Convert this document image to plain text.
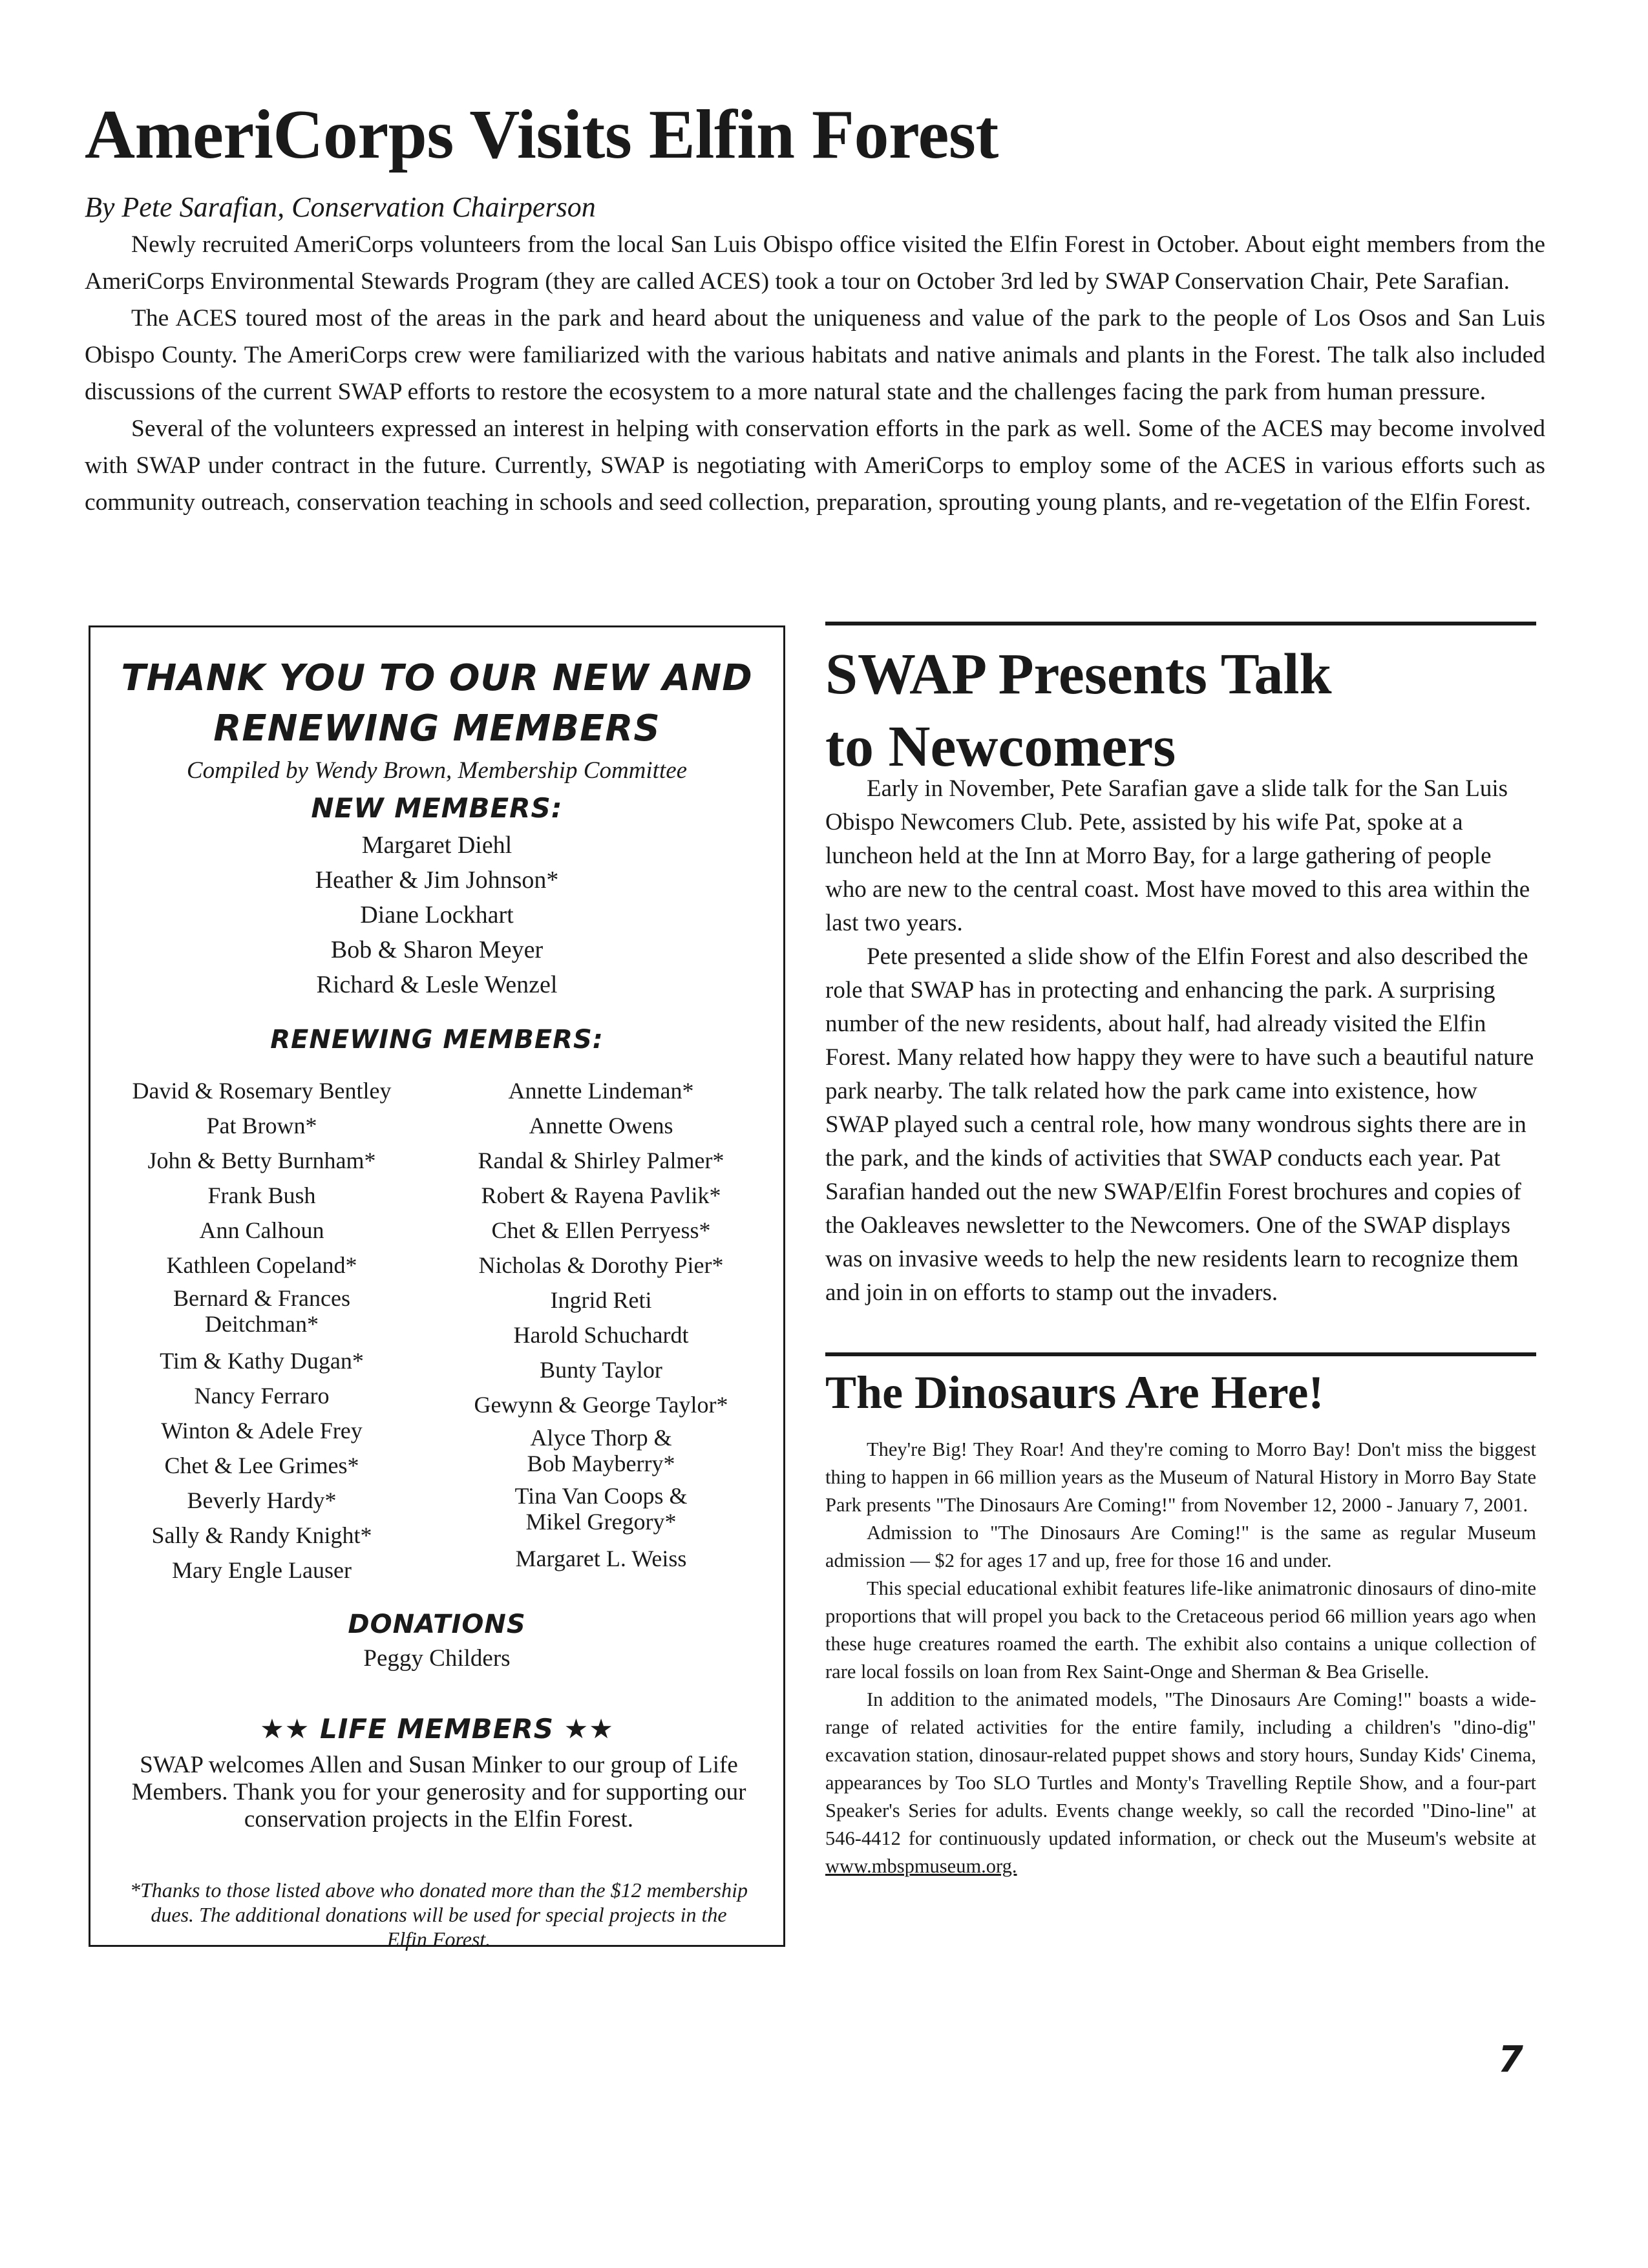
AmeriCorps Visits Elfin Forest
By Pete Sarafian, Conservation Chairperson

Newly recruited AmeriCorps volunteers from the local San Luis Obispo office visited the Elfin Forest in October. About eight members from the AmeriCorps Environmental Stewards Program (they are called ACES) took a tour on October 3rd led by SWAP Conservation Chair, Pete Sarafian.

The ACES toured most of the areas in the park and heard about the uniqueness and value of the park to the people of Los Osos and San Luis Obispo County. The AmeriCorps crew were familiarized with the various habitats and native animals and plants in the Forest. The talk also included discussions of the current SWAP efforts to restore the ecosystem to a more natural state and the challenges facing the park from human pressure.

Several of the volunteers expressed an interest in helping with conservation efforts in the park as well. Some of the ACES may become involved with SWAP under contract in the future. Currently, SWAP is negotiating with AmeriCorps to employ some of the ACES in various efforts such as community outreach, conservation teaching in schools and seed collection, preparation, sprouting young plants, and re-vegetation of the Elfin Forest.

THANK YOU TO OUR NEW AND
RENEWING MEMBERS
Compiled by Wendy Brown, Membership Committee
NEW MEMBERS:
Margaret Diehl
Heather & Jim Johnson*
Diane Lockhart
Bob & Sharon Meyer
Richard & Lesle Wenzel
RENEWING MEMBERS:
David & Rosemary Bentley
Pat Brown*
John & Betty Burnham*
Frank Bush
Ann Calhoun
Kathleen Copeland*
Bernard & Frances Deitchman*
Tim & Kathy Dugan*
Nancy Ferraro
Winton & Adele Frey
Chet & Lee Grimes*
Beverly Hardy*
Sally & Randy Knight*
Mary Engle Lauser
Annette Lindeman*
Annette Owens
Randal & Shirley Palmer*
Robert & Rayena Pavlik*
Chet & Ellen Perryess*
Nicholas & Dorothy Pier*
Ingrid Reti
Harold Schuchardt
Bunty Taylor
Gewynn & George Taylor*
Alyce Thorp & Bob Mayberry*
Tina Van Coops & Mikel Gregory*
Margaret L. Weiss
DONATIONS
Peggy Childers
★★ LIFE MEMBERS ★★
SWAP welcomes Allen and Susan Minker to our group of Life Members. Thank you for your generosity and for supporting our conservation projects in the Elfin Forest.
*Thanks to those listed above who donated more than the $12 membership dues. The additional donations will be used for special projects in the Elfin Forest.
SWAP Presents Talk
to Newcomers

Early in November, Pete Sarafian gave a slide talk for the San Luis Obispo Newcomers Club. Pete, assisted by his wife Pat, spoke at a luncheon held at the Inn at Morro Bay, for a large gathering of people who are new to the central coast. Most have moved to this area within the last two years.

Pete presented a slide show of the Elfin Forest and also described the role that SWAP has in protecting and enhancing the park. A surprising number of the new residents, about half, had already visited the Elfin Forest. Many related how happy they were to have such a beautiful nature park nearby. The talk related how the park came into existence, how SWAP played such a central role, how many wondrous sights there are in the park, and the kinds of activities that SWAP conducts each year. Pat Sarafian handed out the new SWAP/Elfin Forest brochures and copies of the Oakleaves newsletter to the Newcomers. One of the SWAP displays was on invasive weeds to help the new residents learn to recognize them and join in on efforts to stamp out the invaders.

The Dinosaurs Are Here!

They're Big! They Roar! And they're coming to Morro Bay! Don't miss the biggest thing to happen in 66 million years as the Museum of Natural History in Morro Bay State Park presents "The Dinosaurs Are Coming!" from November 12, 2000 - January 7, 2001.

Admission to "The Dinosaurs Are Coming!" is the same as regular Museum admission — $2 for ages 17 and up, free for those 16 and under.

This special educational exhibit features life-like animatronic dinosaurs of dino-mite proportions that will propel you back to the Cretaceous period 66 million years ago when these huge creatures roamed the earth. The exhibit also contains a unique collection of rare local fossils on loan from Rex Saint-Onge and Sherman & Bea Griselle.

In addition to the animated models, "The Dinosaurs Are Coming!" boasts a wide-range of related activities for the entire family, including a children's "dino-dig" excavation station, dinosaur-related puppet shows and story hours, Sunday Kids' Cinema, appearances by Too SLO Turtles and Monty's Travelling Reptile Show, and a four-part Speaker's Series for adults. Events change weekly, so call the recorded "Dino-line" at 546-4412 for continuously updated information, or check out the Museum's website at www.mbspmuseum.org.

7
